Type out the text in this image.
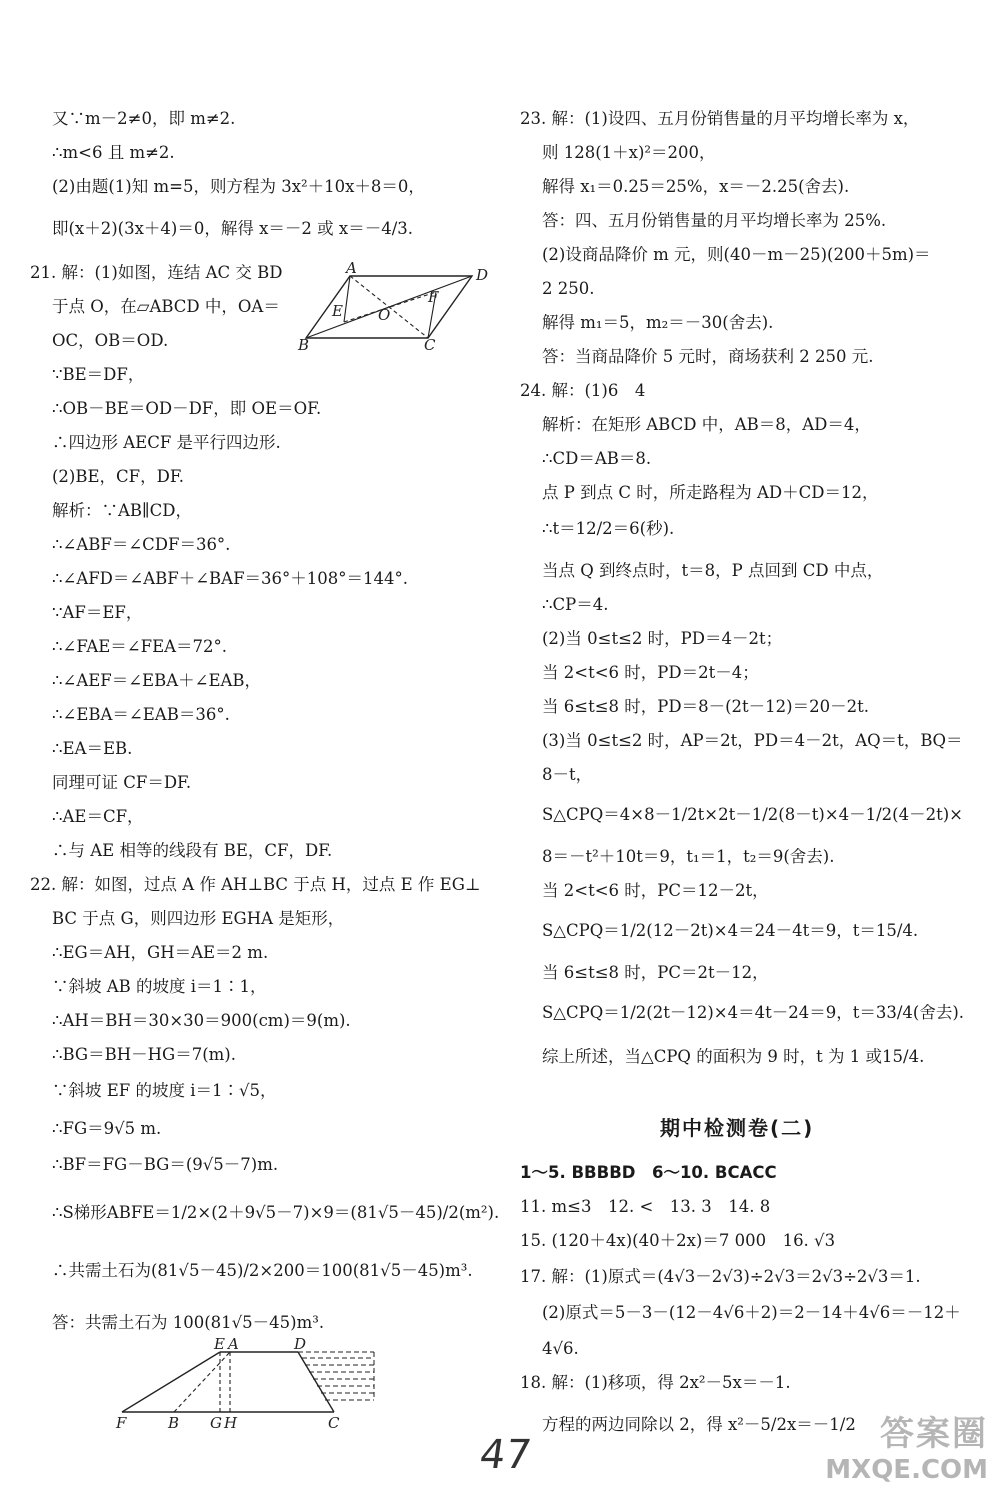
又∵m－2≠0，即 m≠2.
∴m<6 且 m≠2.
(2)由题(1)知 m=5，则方程为 3x²＋10x＋8＝0，
即(x＋2)(3x＋4)＝0，解得 x＝－2 或 x＝－4/3.
21. 解：(1)如图，连结 AC 交 BD
于点 O，在▱ABCD 中，OA＝
OC，OB＝OD.
∵BE＝DF，
∴OB－BE＝OD－DF，即 OE＝OF.
∴四边形 AECF 是平行四边形.
(2)BE，CF，DF.
解析：∵AB∥CD，
∴∠ABF＝∠CDF＝36°.
∴∠AFD＝∠ABF＋∠BAF＝36°＋108°＝144°.
∵AF＝EF，
∴∠FAE＝∠FEA＝72°.
∴∠AEF＝∠EBA＋∠EAB，
∴∠EBA＝∠EAB＝36°.
∴EA＝EB.
同理可证 CF＝DF.
∴AE＝CF，
∴与 AE 相等的线段有 BE，CF，DF.
22. 解：如图，过点 A 作 AH⊥BC 于点 H，过点 E 作 EG⊥
BC 于点 G，则四边形 EGHA 是矩形，
∴EG＝AH，GH＝AE＝2 m.
∵斜坡 AB 的坡度 i＝1∶1，
∴AH＝BH＝30×30＝900(cm)＝9(m).
∴BG＝BH－HG＝7(m).
∵斜坡 EF 的坡度 i＝1∶√5，
∴FG＝9√5 m.
∴BF＝FG－BG＝(9√5－7)m.
∴S梯形ABFE＝1/2×(2＋9√5－7)×9＝(81√5－45)/2(m²).
∴共需土石为(81√5－45)/2×200＝100(81√5－45)m³.
答：共需土石为 100(81√5－45)m³.
23. 解：(1)设四、五月份销售量的月平均增长率为 x，
则 128(1＋x)²＝200，
解得 x₁＝0.25＝25%，x＝－2.25(舍去).
答：四、五月份销售量的月平均增长率为 25%.
(2)设商品降价 m 元，则(40－m－25)(200＋5m)＝
2 250.
解得 m₁＝5，m₂＝－30(舍去).
答：当商品降价 5 元时，商场获利 2 250 元.
24. 解：(1)6　4
解析：在矩形 ABCD 中，AB＝8，AD＝4，
∴CD＝AB＝8.
点 P 到点 C 时，所走路程为 AD＋CD＝12，
∴t＝12/2＝6(秒).
当点 Q 到终点时，t＝8，P 点回到 CD 中点，
∴CP＝4.
(2)当 0≤t≤2 时，PD＝4－2t；
当 2<t<6 时，PD＝2t－4；
当 6≤t≤8 时，PD＝8－(2t－12)＝20－2t.
(3)当 0≤t≤2 时，AP＝2t，PD＝4－2t，AQ＝t，BQ＝
8－t，
S△CPQ＝4×8－1/2t×2t－1/2(8－t)×4－1/2(4－2t)×
8＝－t²＋10t＝9，t₁＝1，t₂＝9(舍去).
当 2<t<6 时，PC＝12－2t，
S△CPQ＝1/2(12－2t)×4＝24－4t＝9，t＝15/4.
当 6≤t≤8 时，PC＝2t－12，
S△CPQ＝1/2(2t－12)×4＝4t－24＝9，t＝33/4(舍去).
综上所述，当△CPQ 的面积为 9 时，t 为 1 或15/4.
1～5. BBBBD　6～10. BCACC
11. m≤3　12. <　13. 3　14. 8
15. (120＋4x)(40＋2x)＝7 000　16. √3
17. 解：(1)原式＝(4√3－2√3)÷2√3＝2√3÷2√3＝1.
(2)原式＝5－3－(12－4√6＋2)＝2－14＋4√6＝－12＋
4√6.
18. 解：(1)移项，得 2x²－5x＝－1.
方程的两边同除以 2，得 x²－5/2x＝－1/2
期中检测卷(二)
A	D
B	C
E
F
O
E A	D
F	B G H	C
47	答案圈
MXQE.COM
